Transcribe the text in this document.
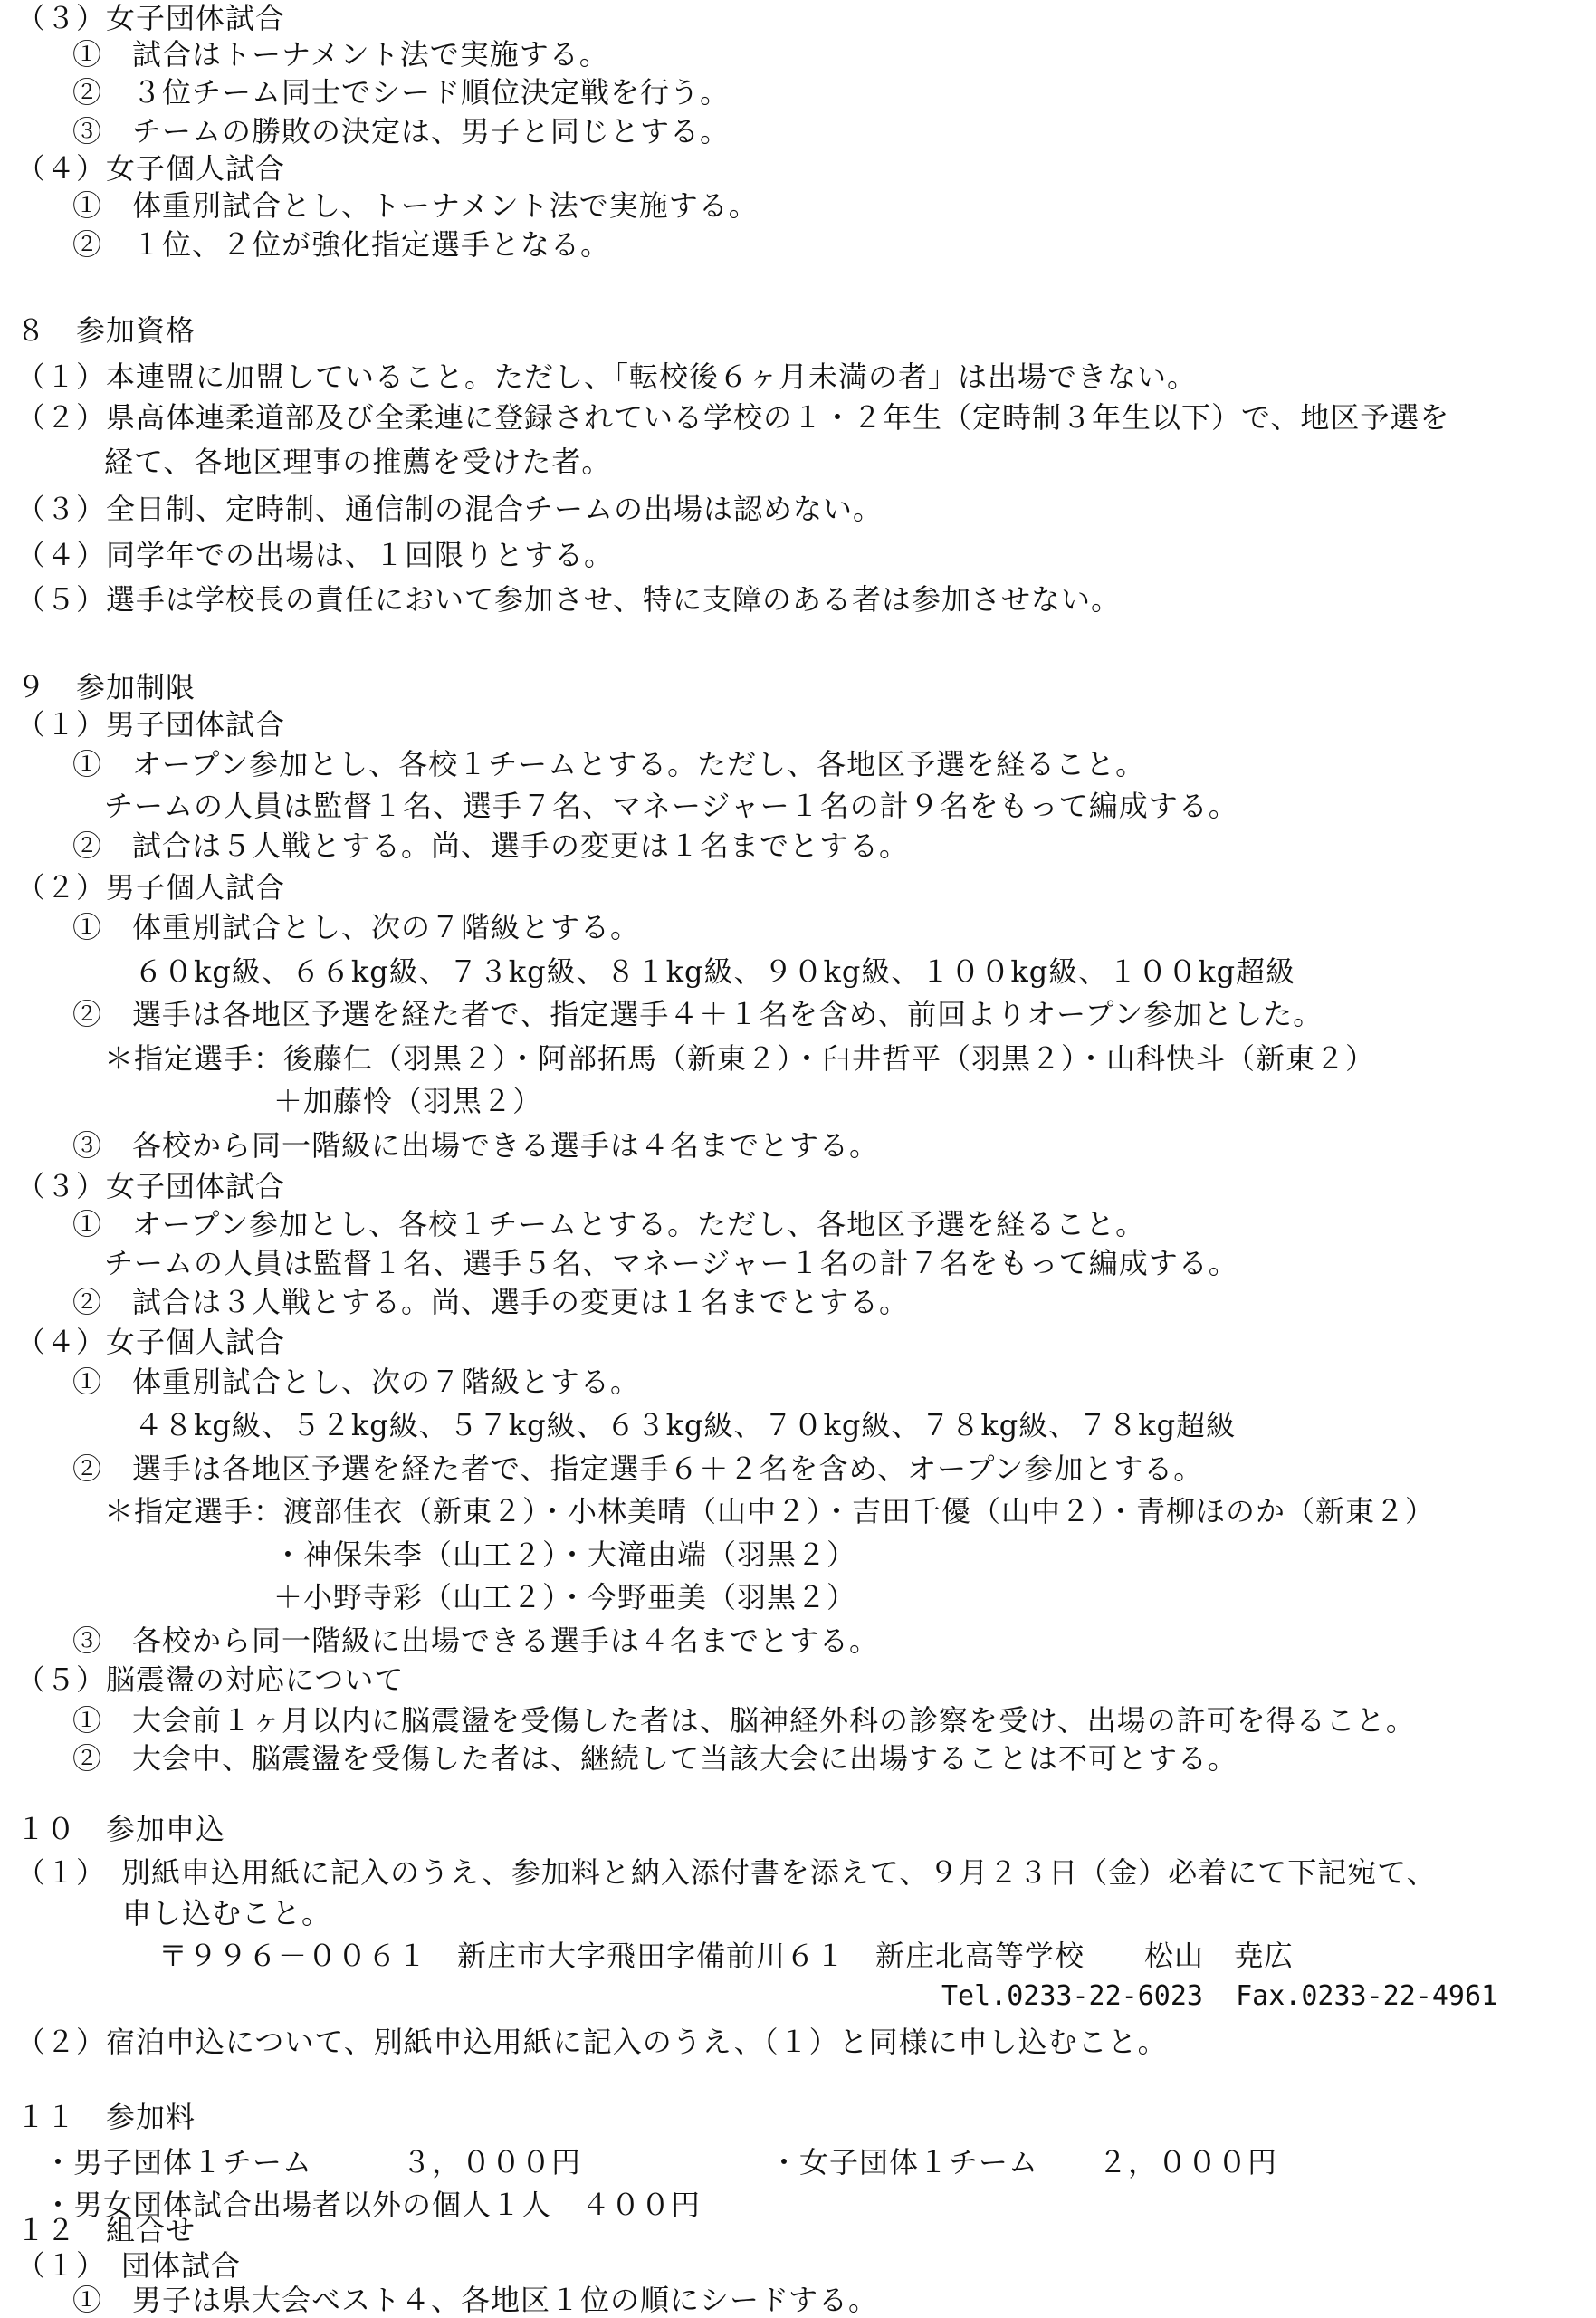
（３）女子団体試合
①　試合はトーナメント法で実施する。
②　３位チーム同士でシード順位決定戦を行う。
③　チームの勝敗の決定は、男子と同じとする。
（４）女子個人試合
①　体重別試合とし、トーナメント法で実施する。
②　１位、２位が強化指定選手となる。
８　参加資格
（１）本連盟に加盟していること。ただし、「転校後６ヶ月未満の者」は出場できない。
（２）県高体連柔道部及び全柔連に登録されている学校の１・２年生（定時制３年生以下）で、地区予選を
経て、各地区理事の推薦を受けた者。
（３）全日制、定時制、通信制の混合チームの出場は認めない。
（４）同学年での出場は、１回限りとする。
（５）選手は学校長の責任において参加させ、特に支障のある者は参加させない。
９　参加制限
（１）男子団体試合
①　オープン参加とし、各校１チームとする。ただし、各地区予選を経ること。
チームの人員は監督１名、選手７名、マネージャー１名の計９名をもって編成する。
②　試合は５人戦とする。尚、選手の変更は１名までとする。
（２）男子個人試合
①　体重別試合とし、次の７階級とする。
６０kg級、６６kg級、７３kg級、８１kg級、９０kg級、１００kg級、１００kg超級
②　選手は各地区予選を経た者で、指定選手４＋１名を含め、前回よりオープン参加とした。
＊指定選手：後藤仁（羽黒２）・阿部拓馬（新東２）・臼井哲平（羽黒２）・山科快斗（新東２）
＋加藤怜（羽黒２）
③　各校から同一階級に出場できる選手は４名までとする。
（３）女子団体試合
①　オープン参加とし、各校１チームとする。ただし、各地区予選を経ること。
チームの人員は監督１名、選手５名、マネージャー１名の計７名をもって編成する。
②　試合は３人戦とする。尚、選手の変更は１名までとする。
（４）女子個人試合
①　体重別試合とし、次の７階級とする。
４８kg級、５２kg級、５７kg級、６３kg級、７０kg級、７８kg級、７８kg超級
②　選手は各地区予選を経た者で、指定選手６＋２名を含め、オープン参加とする。
＊指定選手：渡部佳衣（新東２）・小林美晴（山中２）・吉田千優（山中２）・青柳ほのか（新東２）
・神保朱李（山工２）・大滝由端（羽黒２）
＋小野寺彩（山工２）・今野亜美（羽黒２）
③　各校から同一階級に出場できる選手は４名までとする。
（５）脳震盪の対応について
①　大会前１ヶ月以内に脳震盪を受傷した者は、脳神経外科の診察を受け、出場の許可を得ること。
②　大会中、脳震盪を受傷した者は、継続して当該大会に出場することは不可とする。
１０　参加申込
（１）　別紙申込用紙に記入のうえ、参加料と納入添付書を添えて、９月２３日（金）必着にて下記宛て、
申し込むこと。
〒９９６－００６１　新庄市大字飛田字備前川６１　新庄北高等学校　　松山　尭広
Tel.0233-22-6023  Fax.0233-22-4961
（２）宿泊申込について、別紙申込用紙に記入のうえ、（１）と同様に申し込むこと。
１１　参加料
・男子団体１チーム　　　３，０００円	・女子団体１チーム　　２，０００円
・男女団体試合出場者以外の個人１人　４００円
１２　組合せ
（１）　団体試合
①　男子は県大会ベスト４、各地区１位の順にシードする。
